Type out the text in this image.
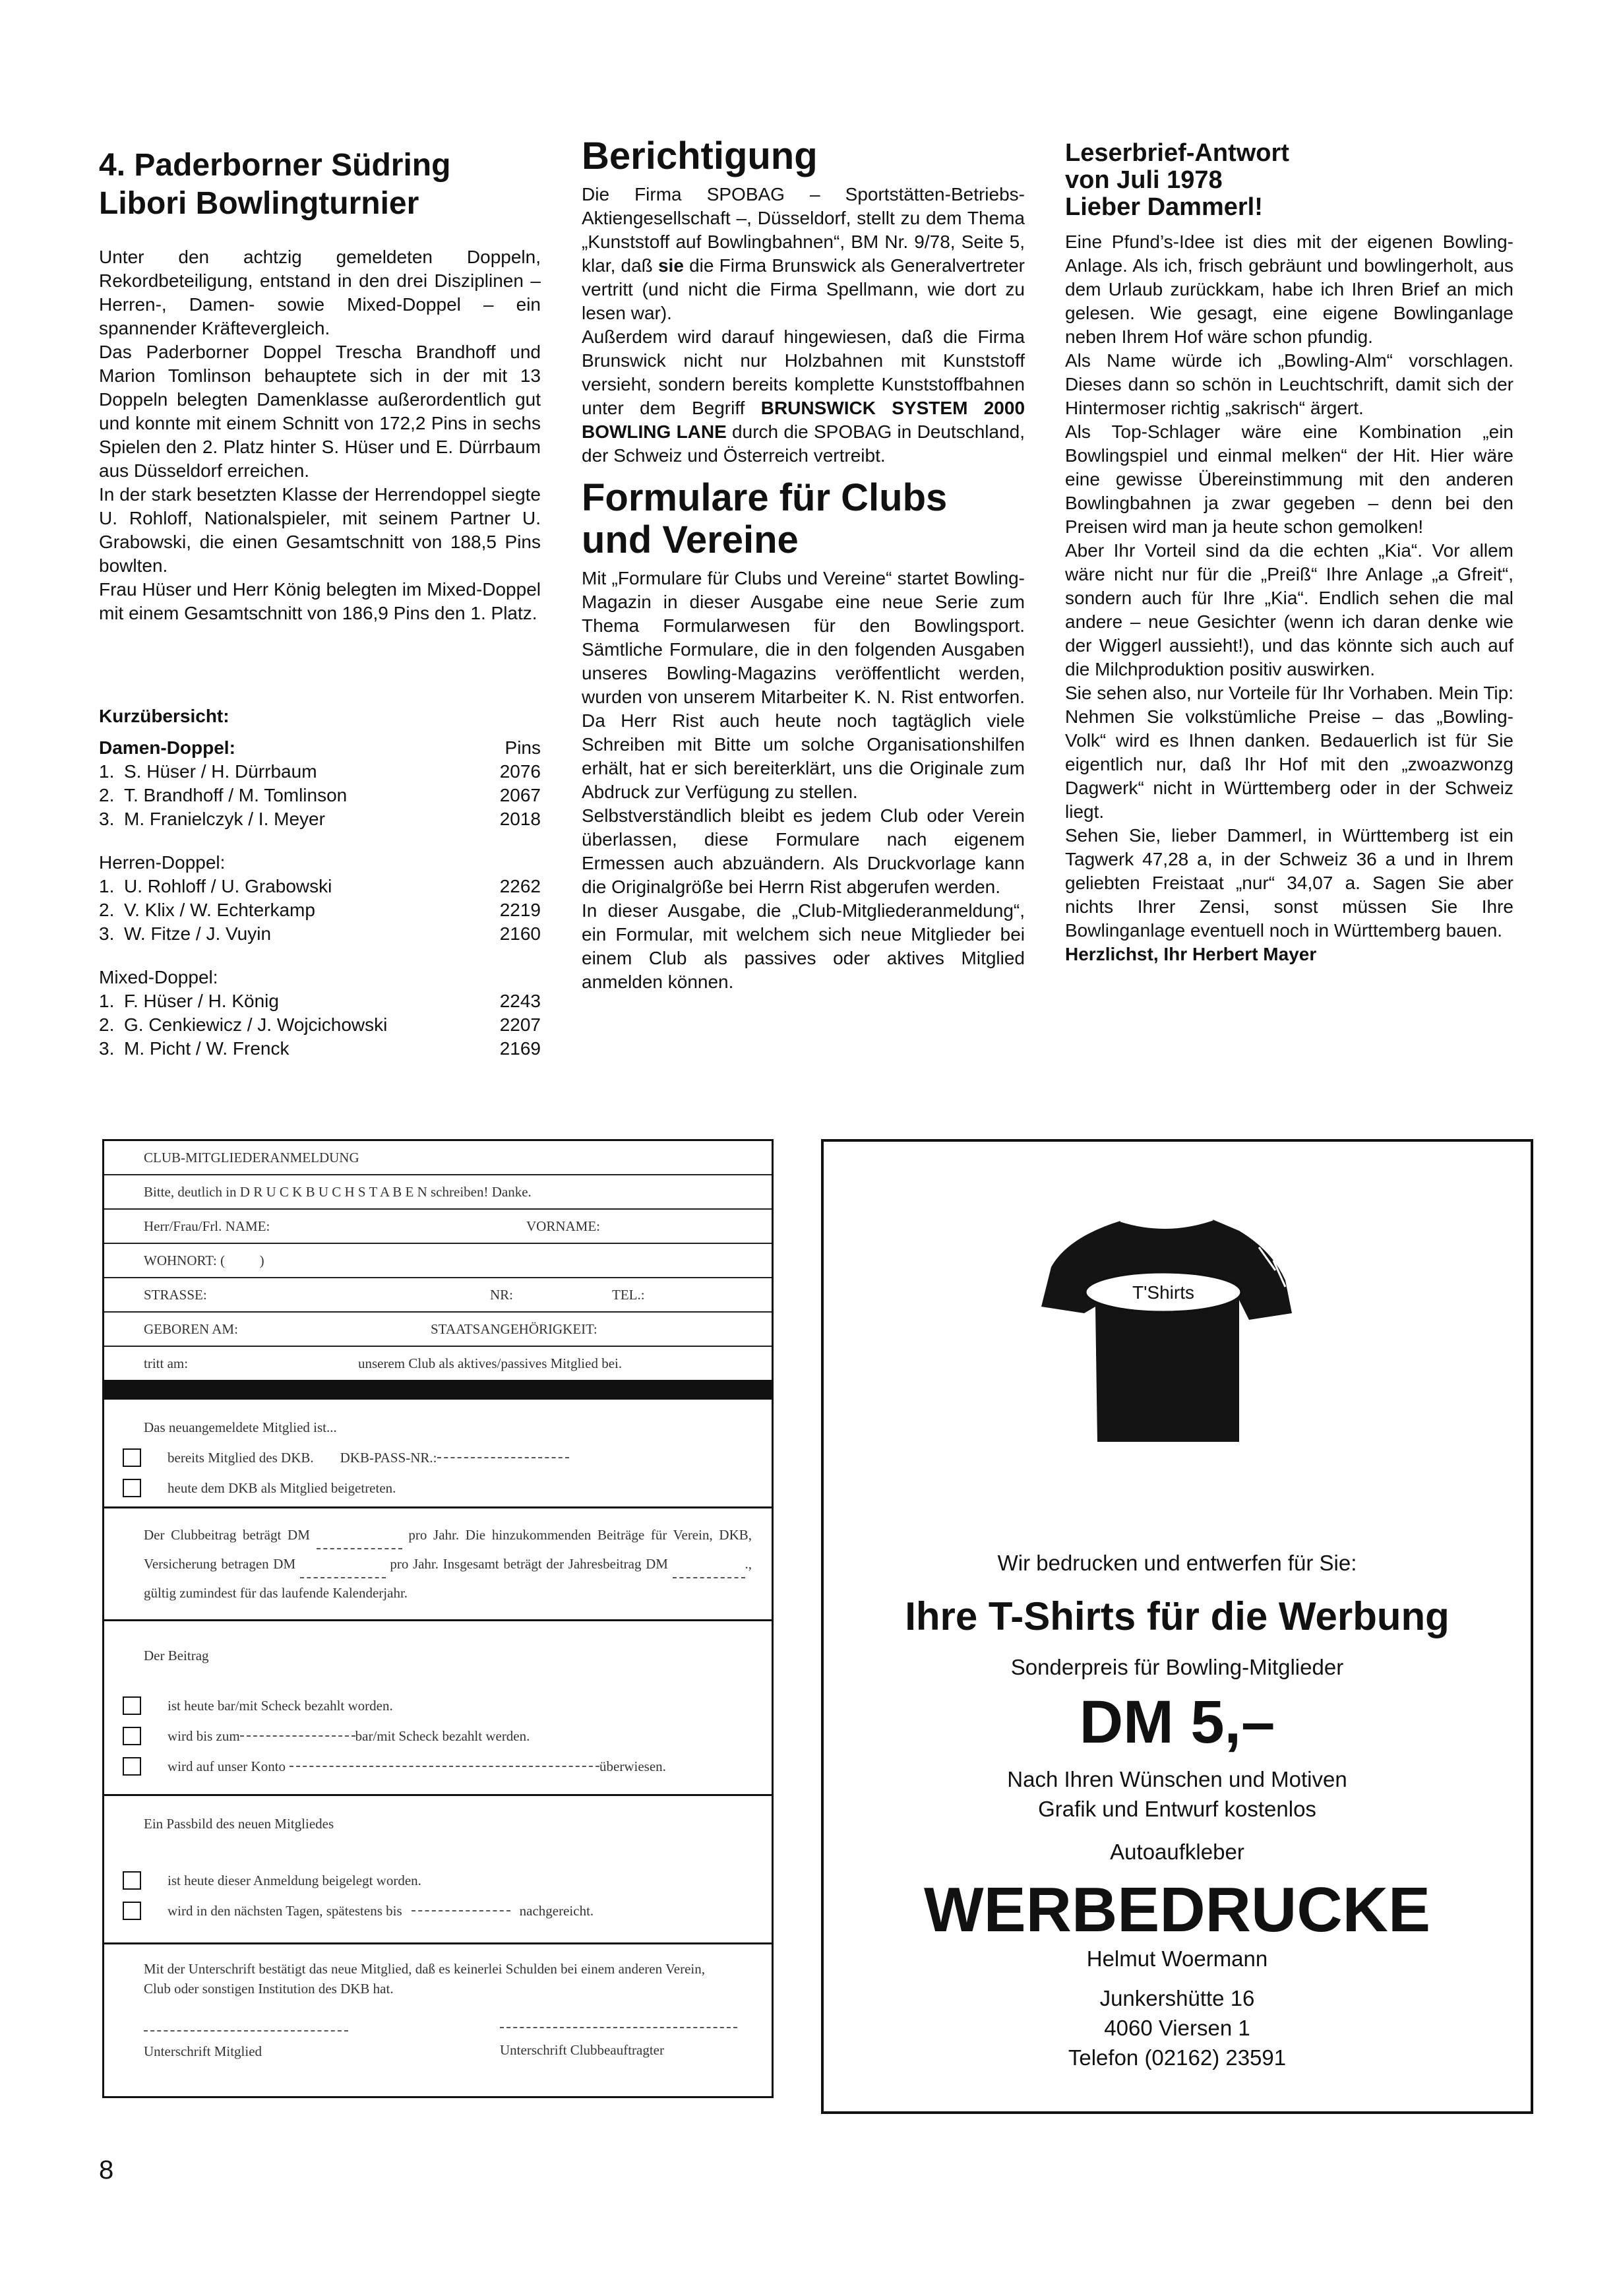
4. Paderborner Südring
Libori Bowlingturnier

Unter den achtzig gemeldeten Doppeln, Rekordbeteiligung, entstand in den drei Disziplinen – Herren-, Damen- sowie Mixed-Doppel – ein spannender Kräftevergleich.

Das Paderborner Doppel Trescha Brandhoff und Marion Tomlinson behauptete sich in der mit 13 Doppeln belegten Damenklasse außerordentlich gut und konnte mit einem Schnitt von 172,2 Pins in sechs Spielen den 2. Platz hinter S. Hüser und E. Dürrbaum aus Düsseldorf erreichen.

In der stark besetzten Klasse der Herrendoppel siegte U. Rohloff, Nationalspieler, mit seinem Partner U. Grabowski, die einen Gesamtschnitt von 188,5 Pins bowlten.

Frau Hüser und Herr König belegten im Mixed-Doppel mit einem Gesamtschnitt von 186,9 Pins den 1. Platz.

Kurzübersicht:
Damen-Doppel:	Pins
1. S. Hüser / H. Dürrbaum	2076
2. T. Brandhoff / M. Tomlinson	2067
3. M. Franielczyk / I. Meyer	2018
Herren-Doppel:
1. U. Rohloff / U. Grabowski	2262
2. V. Klix / W. Echterkamp	2219
3. W. Fitze / J. Vuyin	2160
Mixed-Doppel:
1. F. Hüser / H. König	2243
2. G. Cenkiewicz / J. Wojcichowski	2207
3. M. Picht / W. Frenck	2169
Berichtigung

Die Firma SPOBAG – Sportstätten-Betriebs-Aktiengesellschaft –, Düsseldorf, stellt zu dem Thema „Kunststoff auf Bowlingbahnen“, BM Nr. 9/78, Seite 5, klar, daß sie die Firma Brunswick als Generalvertreter vertritt (und nicht die Firma Spellmann, wie dort zu lesen war).

Außerdem wird darauf hingewiesen, daß die Firma Brunswick nicht nur Holzbahnen mit Kunststoff versieht, sondern bereits komplette Kunststoffbahnen unter dem Begriff BRUNSWICK SYSTEM 2000 BOWLING LANE durch die SPOBAG in Deutschland, der Schweiz und Österreich vertreibt.

Formulare für Clubs
und Vereine

Mit „Formulare für Clubs und Vereine“ startet Bowling-Magazin in dieser Ausgabe eine neue Serie zum Thema Formularwesen für den Bowlingsport. Sämtliche Formulare, die in den folgenden Ausgaben unseres Bowling-Magazins veröffentlicht werden, wurden von unserem Mitarbeiter K. N. Rist entworfen. Da Herr Rist auch heute noch tagtäglich viele Schreiben mit Bitte um solche Organisationshilfen erhält, hat er sich bereiterklärt, uns die Originale zum Abdruck zur Verfügung zu stellen.

Selbstverständlich bleibt es jedem Club oder Verein überlassen, diese Formulare nach eigenem Ermessen auch abzuändern. Als Druckvorlage kann die Originalgröße bei Herrn Rist abgerufen werden.

In dieser Ausgabe, die „Club-Mitgliederanmeldung“, ein Formular, mit welchem sich neue Mitglieder bei einem Club als passives oder aktives Mitglied anmelden können.

Leserbrief-Antwort
von Juli 1978
Lieber Dammerl!

Eine Pfund’s-Idee ist dies mit der eigenen Bowling-Anlage. Als ich, frisch gebräunt und bowlingerholt, aus dem Urlaub zurückkam, habe ich Ihren Brief an mich gelesen. Wie gesagt, eine eigene Bowlinganlage neben Ihrem Hof wäre schon pfundig.

Als Name würde ich „Bowling-Alm“ vorschlagen. Dieses dann so schön in Leuchtschrift, damit sich der Hintermoser richtig „sakrisch“ ärgert.

Als Top-Schlager wäre eine Kombination „ein Bowlingspiel und einmal melken“ der Hit. Hier wäre eine gewisse Übereinstimmung mit den anderen Bowlingbahnen ja zwar gegeben – denn bei den Preisen wird man ja heute schon gemolken!

Aber Ihr Vorteil sind da die echten „Kia“. Vor allem wäre nicht nur für die „Preiß“ Ihre Anlage „a Gfreit“, sondern auch für Ihre „Kia“. Endlich sehen die mal andere – neue Gesichter (wenn ich daran denke wie der Wiggerl aussieht!), und das könnte sich auch auf die Milchproduktion positiv auswirken.

Sie sehen also, nur Vorteile für Ihr Vorhaben. Mein Tip: Nehmen Sie volkstümliche Preise – das „Bowling-Volk“ wird es Ihnen danken. Bedauerlich ist für Sie eigentlich nur, daß Ihr Hof mit den „zwoazwonzg Dagwerk“ nicht in Württemberg oder in der Schweiz liegt.

Sehen Sie, lieber Dammerl, in Württemberg ist ein Tagwerk 47,28 a, in der Schweiz 36 a und in Ihrem geliebten Freistaat „nur“ 34,07 a. Sagen Sie aber nichts Ihrer Zensi, sonst müssen Sie Ihre Bowlinganlage eventuell noch in Württemberg bauen.

Herzlichst, Ihr Herbert Mayer
CLUB-MITGLIEDERANMELDUNG
Bitte, deutlich in D R U C K B U C H S T A B E N schreiben! Danke.
Herr/Frau/Frl. NAME:	VORNAME:
WOHNORT: (          )
STRASSE:	NR:	TEL.:
GEBOREN AM:	STAATSANGEHÖRIGKEIT:
tritt am:	unserem Club als aktives/passives Mitglied bei.
Das neuangemeldete Mitglied ist...
bereits Mitglied des DKB. DKB-PASS-NR.:
heute dem DKB als Mitglied beigetreten.
Der Clubbeitrag beträgt DM	pro Jahr. Die hinzukommenden Beiträge für Verein, DKB, Versicherung betragen DM	pro Jahr. Insgesamt beträgt der Jahresbeitrag DM	., gültig zumindest für das laufende Kalenderjahr.
Der Beitrag
ist heute bar/mit Scheck bezahlt worden.
wird bis zum	bar/mit Scheck bezahlt werden.
wird auf unser Konto	überwiesen.
Ein Passbild des neuen Mitgliedes
ist heute dieser Anmeldung beigelegt worden.
wird in den nächsten Tagen, spätestens bis	nachgereicht.
Mit der Unterschrift bestätigt das neue Mitglied, daß es keinerlei Schulden bei einem anderen Verein, Club oder sonstigen Institution des DKB hat.
Unterschrift Mitglied	Unterschrift Clubbeauftragter
T'Shirts
Wir bedrucken und entwerfen für Sie:
Ihre T-Shirts für die Werbung
Sonderpreis für Bowling-Mitglieder
DM 5,–
Nach Ihren Wünschen und Motiven
Grafik und Entwurf kostenlos
Autoaufkleber
WERBEDRUCKE
Helmut Woermann
Junkershütte 16
4060 Viersen 1
Telefon (02162) 23591
8
